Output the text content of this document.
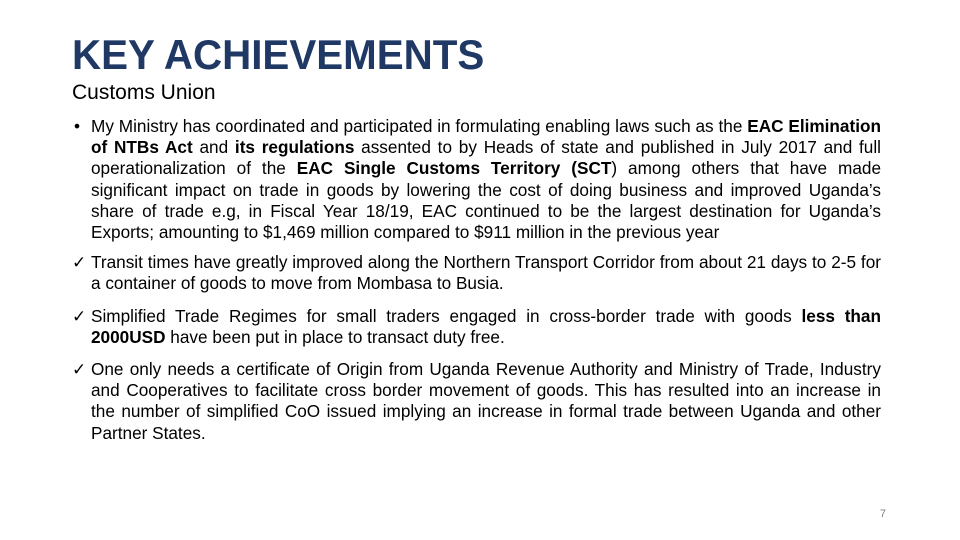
KEY ACHIEVEMENTS
Customs Union

• My Ministry has coordinated and participated in formulating enabling laws such as the EAC Elimination of NTBs Act and its regulations assented to by Heads of state and published in July 2017 and full operationalization of the EAC Single Customs Territory (SCT) among others that have made significant impact on trade in goods by lowering the cost of doing business and improved Uganda’s share of trade e.g, in Fiscal Year 18/19, EAC continued to be the largest destination for Uganda’s Exports; amounting to $1,469 million compared to $911 million in the previous year

✓ Transit times have greatly improved along the Northern Transport Corridor from about 21 days to 2-5 for a container of goods to move from Mombasa to Busia.

✓ Simplified Trade Regimes for small traders engaged in cross-border trade with goods less than 2000USD have been put in place to transact duty free.

✓ One only needs a certificate of Origin from Uganda Revenue Authority and Ministry of Trade, Industry and Cooperatives to facilitate cross border movement of goods. This has resulted into an increase in the number of simplified CoO issued implying an increase in formal trade between Uganda and other Partner States.

7
